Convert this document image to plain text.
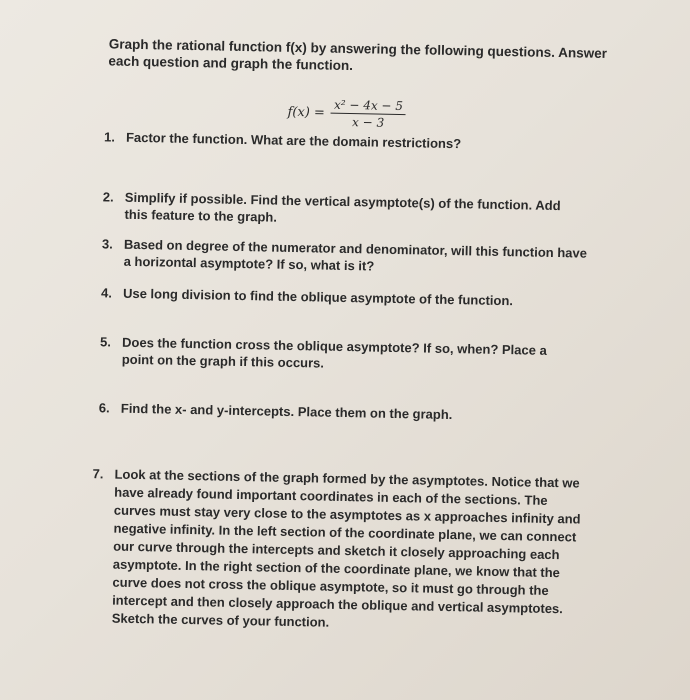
Graph the rational function f(x) by answering the following questions. Answer each question and graph the function.
$f(x) = \frac{\text{x² − 4x − 5}}{x - 3}$
1. Factor the function. What are the domain restrictions?
2. Simplify if possible. Find the vertical asymptote(s) of the function. Add this feature to the graph.
3. Based on degree of the numerator and denominator, will this function have a horizontal asymptote? If so, what is it?
4. Use long division to find the oblique asymptote of the function.
5. Does the function cross the oblique asymptote? If so, when? Place a point on the graph if this occurs.
6. Find the x- and y-intercepts. Place them on the graph.
7. Look at the sections of the graph formed by the asymptotes. Notice that we have already found important coordinates in each of the sections. The curves must stay very close to the asymptotes as x approaches infinity and negative infinity. In the left section of the coordinate plane, we can connect our curve through the intercepts and sketch it closely approaching each asymptote. In the right section of the coordinate plane, we know that the curve does not cross the oblique asymptote, so it must go through the intercept and then closely approach the oblique and vertical asymptotes. Sketch the curves of your function.
